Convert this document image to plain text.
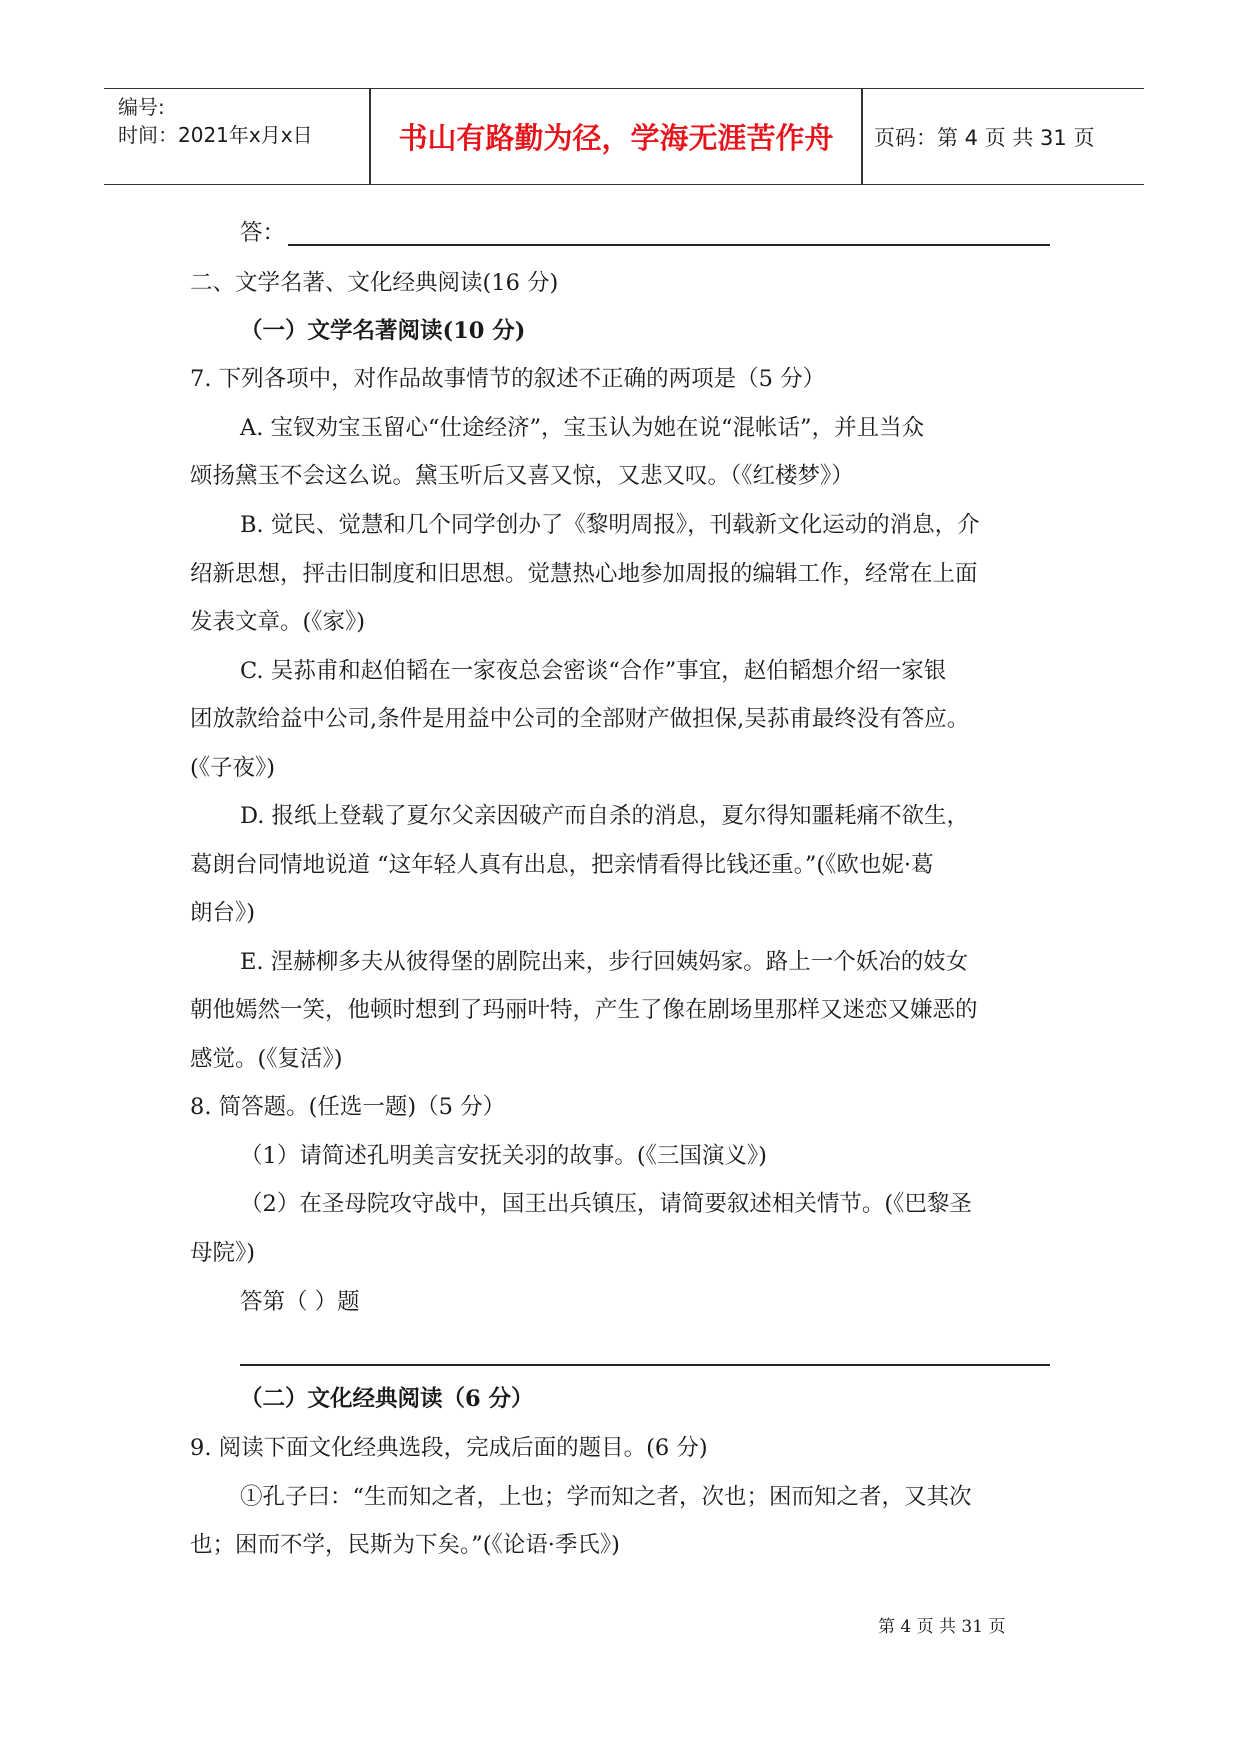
编号:
时间：2021年x月x日	书山有路勤为径，学海无涯苦作舟	页码：第 4 页 共 31 页
答：
二、文学名著、文化经典阅读(16 分)
（一）文学名著阅读(10 分)
7. 下列各项中，对作品故事情节的叙述不正确的两项是（5 分）
A. 宝钗劝宝玉留心“仕途经济”，宝玉认为她在说“混帐话”，并且当众
颂扬黛玉不会这么说。黛玉听后又喜又惊，又悲又叹。（《红楼梦》）
B. 觉民、觉慧和几个同学创办了《黎明周报》，刊载新文化运动的消息，介
绍新思想，抨击旧制度和旧思想。觉慧热心地参加周报的编辑工作，经常在上面
发表文章。(《家》)
C. 吴荪甫和赵伯韬在一家夜总会密谈“合作”事宜，赵伯韬想介绍一家银
团放款给益中公司,条件是用益中公司的全部财产做担保,吴荪甫最终没有答应。
(《子夜》)
D. 报纸上登载了夏尔父亲因破产而自杀的消息，夏尔得知噩耗痛不欲生，
葛朗台同情地说道 “这年轻人真有出息，把亲情看得比钱还重。”(《欧也妮·葛
朗台》)
E. 涅赫柳多夫从彼得堡的剧院出来，步行回姨妈家。路上一个妖冶的妓女
朝他嫣然一笑，他顿时想到了玛丽叶特，产生了像在剧场里那样又迷恋又嫌恶的
感觉。(《复活》)
8. 简答题。(任选一题)（5 分）
（1）请简述孔明美言安抚关羽的故事。(《三国演义》)
（2）在圣母院攻守战中，国王出兵镇压，请简要叙述相关情节。(《巴黎圣
母院》)
答第（ ）题
（二）文化经典阅读（6 分）
9. 阅读下面文化经典选段，完成后面的题目。(6 分)
①孔子曰：“生而知之者，上也；学而知之者，次也；困而知之者，又其次
也；困而不学，民斯为下矣。”(《论语·季氏》)
第 4 页 共 31 页
